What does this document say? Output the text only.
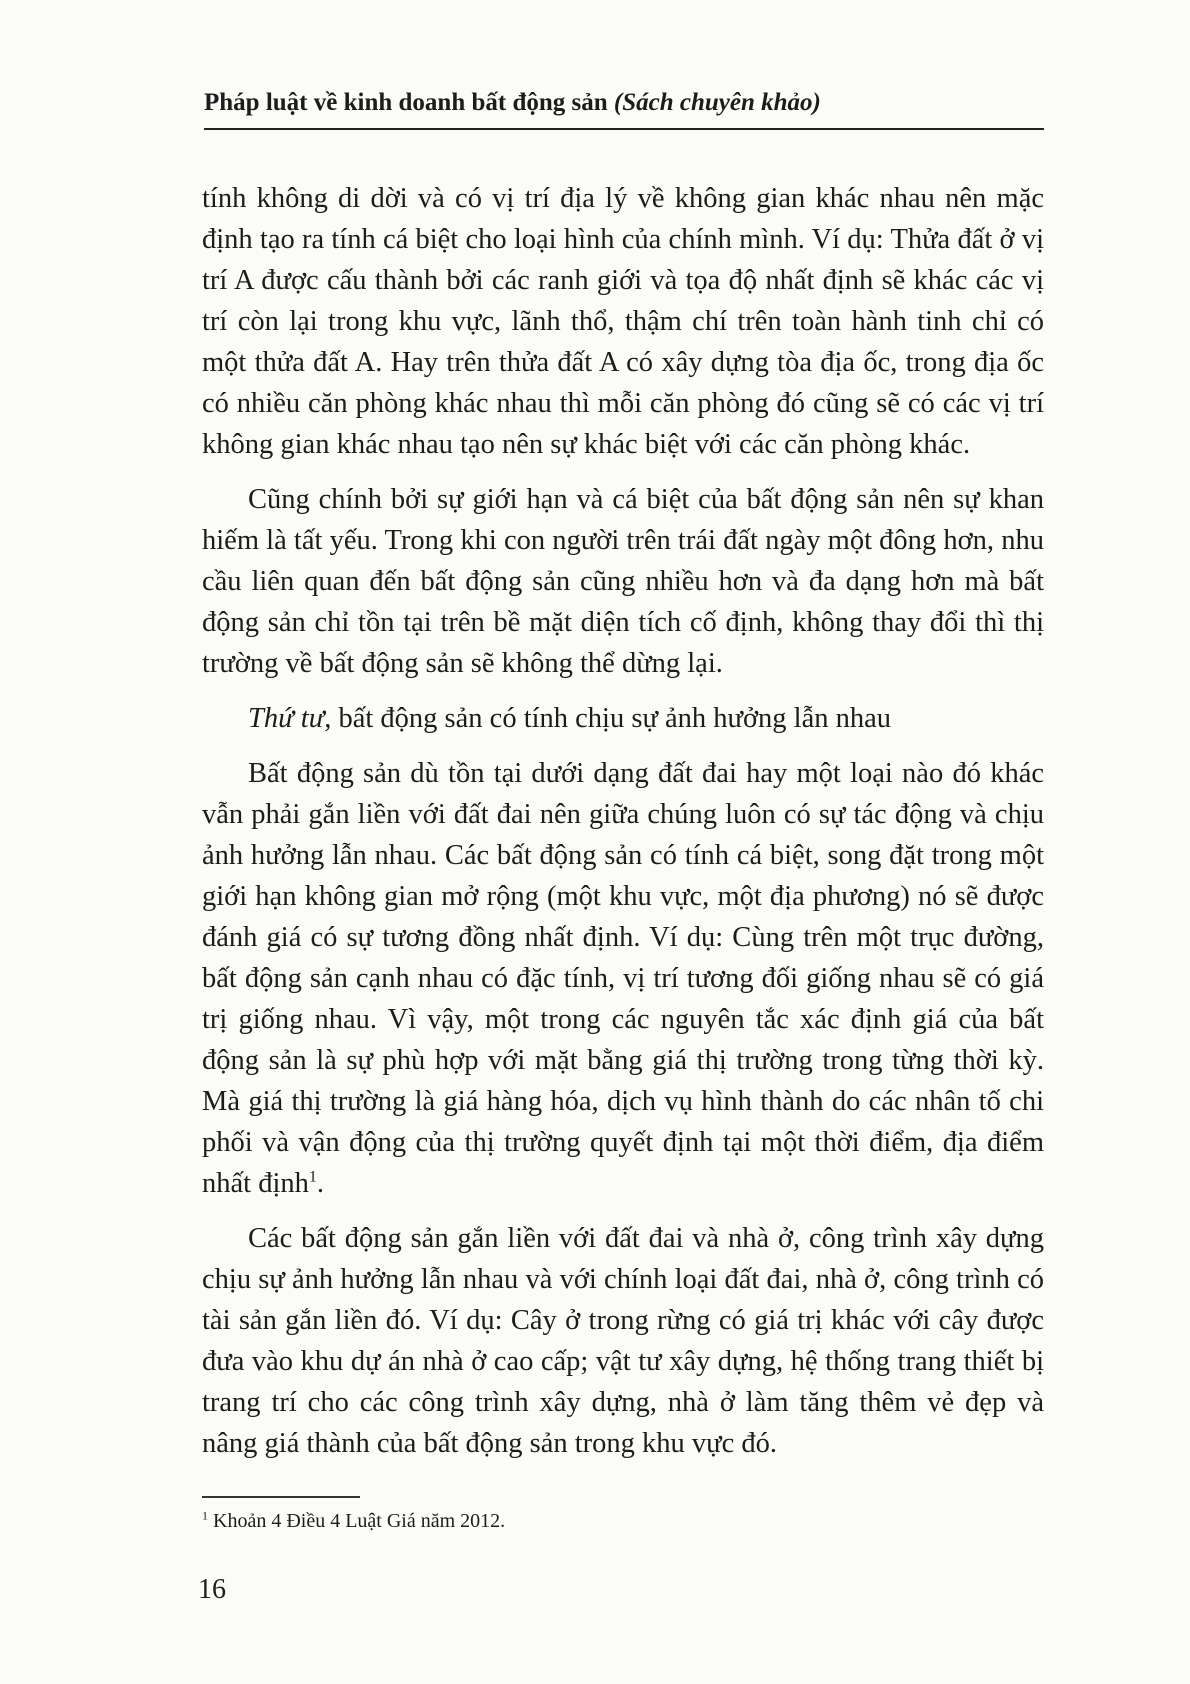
Pháp luật về kinh doanh bất động sản (Sách chuyên khảo)

tính không di dời và có vị trí địa lý về không gian khác nhau nên mặc định tạo ra tính cá biệt cho loại hình của chính mình. Ví dụ: Thửa đất ở vị trí A được cấu thành bởi các ranh giới và tọa độ nhất định sẽ khác các vị trí còn lại trong khu vực, lãnh thổ, thậm chí trên toàn hành tinh chỉ có một thửa đất A. Hay trên thửa đất A có xây dựng tòa địa ốc, trong địa ốc có nhiều căn phòng khác nhau thì mỗi căn phòng đó cũng sẽ có các vị trí không gian khác nhau tạo nên sự khác biệt với các căn phòng khác.

Cũng chính bởi sự giới hạn và cá biệt của bất động sản nên sự khan hiếm là tất yếu. Trong khi con người trên trái đất ngày một đông hơn, nhu cầu liên quan đến bất động sản cũng nhiều hơn và đa dạng hơn mà bất động sản chỉ tồn tại trên bề mặt diện tích cố định, không thay đổi thì thị trường về bất động sản sẽ không thể dừng lại.

Thứ tư, bất động sản có tính chịu sự ảnh hưởng lẫn nhau

Bất động sản dù tồn tại dưới dạng đất đai hay một loại nào đó khác vẫn phải gắn liền với đất đai nên giữa chúng luôn có sự tác động và chịu ảnh hưởng lẫn nhau. Các bất động sản có tính cá biệt, song đặt trong một giới hạn không gian mở rộng (một khu vực, một địa phương) nó sẽ được đánh giá có sự tương đồng nhất định. Ví dụ: Cùng trên một trục đường, bất động sản cạnh nhau có đặc tính, vị trí tương đối giống nhau sẽ có giá trị giống nhau. Vì vậy, một trong các nguyên tắc xác định giá của bất động sản là sự phù hợp với mặt bằng giá thị trường trong từng thời kỳ. Mà giá thị trường là giá hàng hóa, dịch vụ hình thành do các nhân tố chi phối và vận động của thị trường quyết định tại một thời điểm, địa điểm nhất định$^1$.

Các bất động sản gắn liền với đất đai và nhà ở, công trình xây dựng chịu sự ảnh hưởng lẫn nhau và với chính loại đất đai, nhà ở, công trình có tài sản gắn liền đó. Ví dụ: Cây ở trong rừng có giá trị khác với cây được đưa vào khu dự án nhà ở cao cấp; vật tư xây dựng, hệ thống trang thiết bị trang trí cho các công trình xây dựng, nhà ở làm tăng thêm vẻ đẹp và nâng giá thành của bất động sản trong khu vực đó.

$^1$ Khoản 4 Điều 4 Luật Giá năm 2012.
16
